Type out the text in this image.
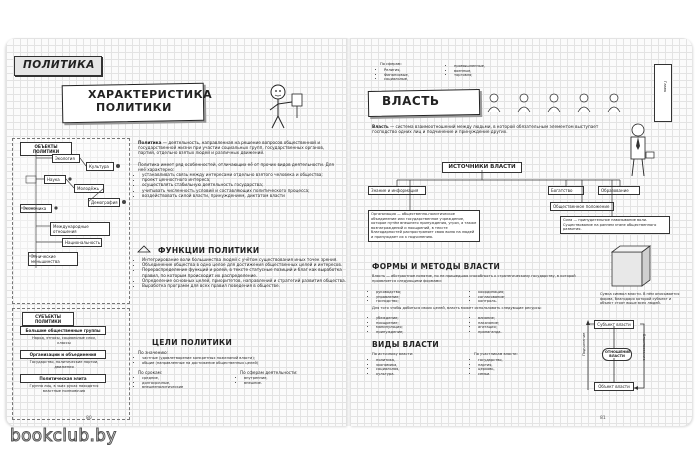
ПОЛИТИКА
ХАРАКТЕРИСТИКА
ПОЛИТИКИ
ОБЪЕКТЫ ПОЛИТИКИ
Экология
Культура
Наука
Молодёжь
Демография
Экономика
Международные отношения
Национальность
Этнические меньшинства
СУБЪЕКТЫ ПОЛИТИКИ
Большие общественные группы
Народ, этносы, социальные слои, классы
Организации и объединения
Государство, политические партии, движения
Политическая элита
Группа лиц, в чьих руках находятся властные полномочия
Политика — деятельность, направленная на решение вопросов общественной и государственной жизни при участии социальных групп, государственных органов, партий, отдельно взятых людей и различных движений.
Политика имеет ряд особенностей, отличающих её от прочих видов деятельности. Для неё характерно:
• устанавливать связь между интересами отдельно взятого человека и общества;
• проект ценностного интереса;
• осуществлять стабильную деятельность государства;
• учитывать численность условий и составляющих политического процесса;
• воздействовать силой власти, принуждением, диктатом власти
ФУНКЦИИ ПОЛИТИКИ
• Интегрирование воли большинства людей с учётом существования иных точек зрения.
• Объединение общества в одно целое для достижения общественных целей и интересов.
• Перераспределение функций и ролей, в тексте статусные позиций и благ как выработка правил, по которым происходит их распределение.
• Определение основных целей, приоритетов, направлений и стратегий развития общества.
• Выработка программ для всех правил поведения в обществе.
ЦЕЛИ ПОЛИТИКИ
По значению:
• частные (удовлетворение конкретных пожеланий власти);
• общие (направленные на достижение общественных целей)
По срокам:
• средние,
• долгосрочные,
• внешнеполитические
По сферам деятельности:
• внутренние,
• внешние.
80
По сферам:
• Религия,
• Финансовые,
• социальные,
• промышленные,
• военные,
• торговля;
Глава
ВЛАСТЬ
Власть — система взаимоотношений между людьми, в которой обязательным элементом выступает господство одних лиц и подчинение и принуждение других.
ИСТОЧНИКИ ВЛАСТИ
Знание и информация	Богатство	Образование
Общественное положение
Организация — общественно-политическое объединение или государственное учреждение, которое путём внешнего принуждения, угроз, а также вознаграждений и поощрений, в тексте благодарностей распространяет свою волю на людей и принуждает их к подчинению.
Сила — принудительное навязывание воли. Существование на раннем этапе общественного развития.
ФОРМЫ И МЕТОДЫ ВЛАСТИ
Власть — абстрактное понятие, но не пришедшая способность к стратегическому государству, в которой проявляется следующими формами:
• руководство;
• управление;
• господство;
• координация;
• согласование;
• контроль.
Для того чтобы добиться своих целей, власть может использовать следующие ресурсы:
• убеждение;
• поощрение;
• манипуляция;
• принуждение;
• влияние;
• наказание;
• агитация;
• пропаганда.
ВИДЫ ВЛАСТИ
По источнику власти:
• политика,
• экономика,
• социальная,
• культура.
По участникам власти:
• государство,
• партия,
• церковь,
• семьи.
Сумка символ власти. В нём описывается форма, благодаря которой субъект и объект стоят выше всех людей.
Субъект власти
ОТНОШЕНИЕ ВЛАСТИ
Объект власти
Подчинение	Властвование
81
bookclub.by
